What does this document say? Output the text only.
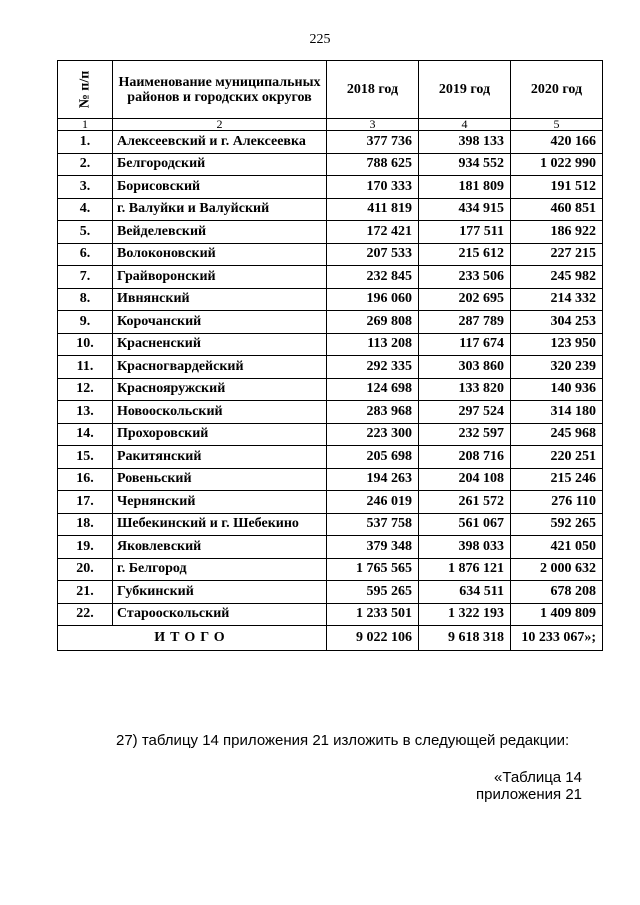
225
№ п/п	Наименование муниципальных районов и городских округов	2018 год	2019 год	2020 год
1	2	3	4	5
1.	Алексеевский и г. Алексеевка	377 736	398 133	420 166
2.	Белгородский	788 625	934 552	1 022 990
3.	Борисовский	170 333	181 809	191 512
4.	г. Валуйки и Валуйский	411 819	434 915	460 851
5.	Вейделевский	172 421	177 511	186 922
6.	Волоконовский	207 533	215 612	227 215
7.	Грайворонский	232 845	233 506	245 982
8.	Ивнянский	196 060	202 695	214 332
9.	Корочанский	269 808	287 789	304 253
10.	Красненский	113 208	117 674	123 950
11.	Красногвардейский	292 335	303 860	320 239
12.	Краснояружский	124 698	133 820	140 936
13.	Новооскольский	283 968	297 524	314 180
14.	Прохоровский	223 300	232 597	245 968
15.	Ракитянский	205 698	208 716	220 251
16.	Ровеньский	194 263	204 108	215 246
17.	Чернянский	246 019	261 572	276 110
18.	Шебекинский и г. Шебекино	537 758	561 067	592 265
19.	Яковлевский	379 348	398 033	421 050
20.	г. Белгород	1 765 565	1 876 121	2 000 632
21.	Губкинский	595 265	634 511	678 208
22.	Старооскольский	1 233 501	1 322 193	1 409 809
ИТОГО		9 022 106	9 618 318	10 233 067»;
27) таблицу 14 приложения 21 изложить в следующей редакции:
«Таблица 14
приложения 21
